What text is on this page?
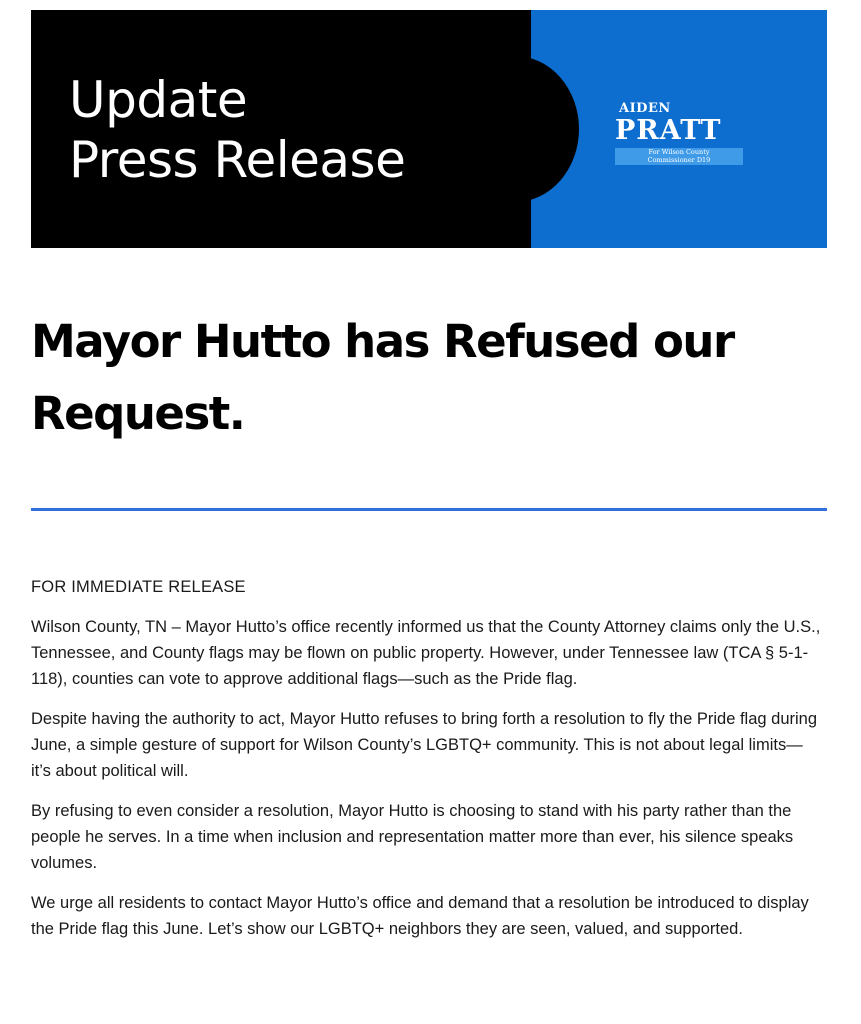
Update
Press Release
AIDEN
PRATT
For Wilson County
Commissioner D19
Mayor Hutto has Refused our Request.

FOR IMMEDIATE RELEASE

Wilson County, TN – Mayor Hutto’s office recently informed us that the County Attorney claims only the U.S., Tennessee, and County flags may be flown on public property. However, under Tennessee law (TCA § 5-1-118), counties can vote to approve additional flags—such as the Pride flag.

Despite having the authority to act, Mayor Hutto refuses to bring forth a resolution to fly the Pride flag during June, a simple gesture of support for Wilson County’s LGBTQ+ community. This is not about legal limits—it’s about political will.

By refusing to even consider a resolution, Mayor Hutto is choosing to stand with his party rather than the people he serves. In a time when inclusion and representation matter more than ever, his silence speaks volumes.

We urge all residents to contact Mayor Hutto’s office and demand that a resolution be introduced to display the Pride flag this June. Let’s show our LGBTQ+ neighbors they are seen, valued, and supported.
